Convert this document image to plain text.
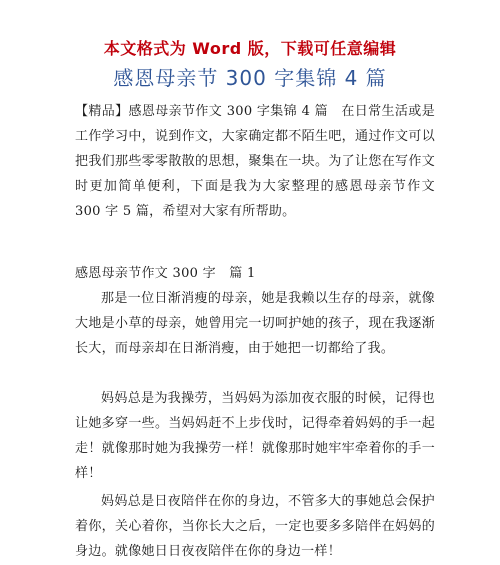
本文格式为 Word 版，下载可任意编辑
感恩母亲节 300 字集锦 4 篇

【精品】感恩母亲节作文 300 字集锦 4 篇　在日常生活或是工作学习中，说到作文，大家确定都不陌生吧，通过作文可以把我们那些零零散散的思想，聚集在一块。为了让您在写作文时更加简单便利，下面是我为大家整理的感恩母亲节作文 300 字 5 篇，希望对大家有所帮助。

感恩母亲节作文 300 字　篇 1

那是一位日渐消瘦的母亲，她是我赖以生存的母亲，就像大地是小草的母亲，她曾用完一切呵护她的孩子，现在我逐渐长大，而母亲却在日渐消瘦，由于她把一切都给了我。

妈妈总是为我操劳，当妈妈为添加夜衣服的时候，记得也让她多穿一些。当妈妈赶不上步伐时，记得牵着妈妈的手一起走！就像那时她为我操劳一样！就像那时她牢牢牵着你的手一样！

妈妈总是日夜陪伴在你的身边，不管多大的事她总会保护着你，关心着你，当你长大之后，一定也要多多陪伴在妈妈的身边。就像她日日夜夜陪伴在你的身边一样！
